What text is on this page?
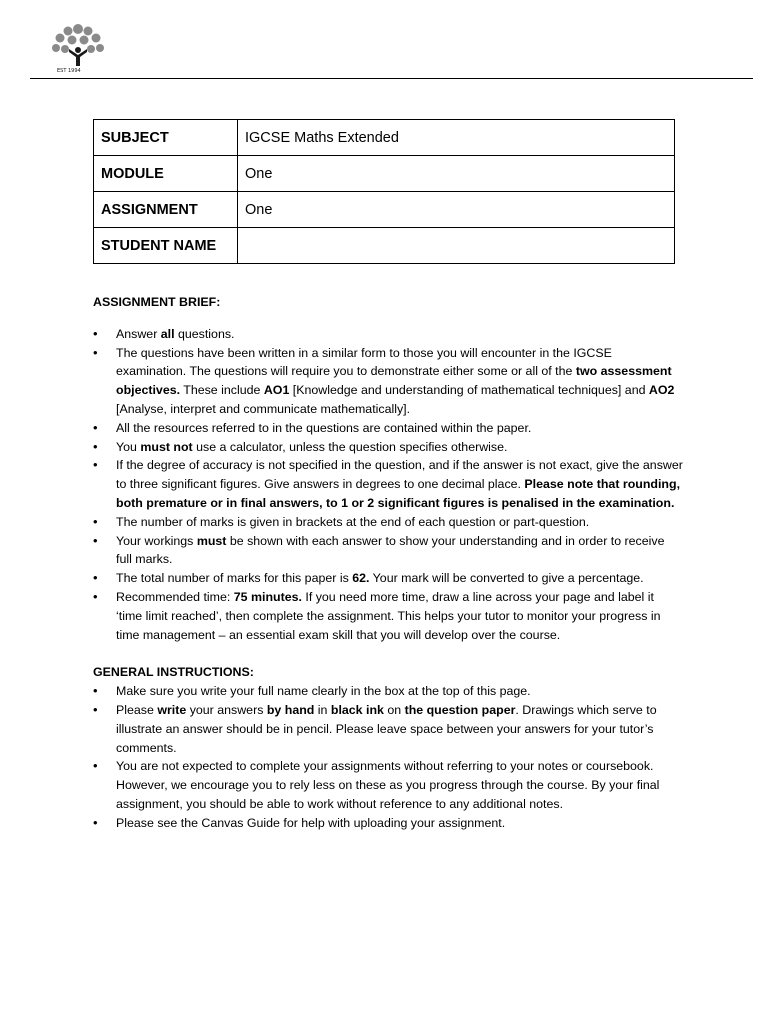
EST 1994
SUBJECT	IGCSE Maths Extended
MODULE	One
ASSIGNMENT	One
STUDENT NAME	

ASSIGNMENT BRIEF:

• Answer all questions.
• The questions have been written in a similar form to those you will encounter in the IGCSE examination. The questions will require you to demonstrate either some or all of the two assessment objectives. These include AO1 [Knowledge and understanding of mathematical techniques] and AO2 [Analyse, interpret and communicate mathematically].
• All the resources referred to in the questions are contained within the paper.
• You must not use a calculator, unless the question specifies otherwise.
• If the degree of accuracy is not specified in the question, and if the answer is not exact, give the answer to three significant figures. Give answers in degrees to one decimal place. Please note that rounding, both premature or in final answers, to 1 or 2 significant figures is penalised in the examination.
• The number of marks is given in brackets at the end of each question or part-question.
• Your workings must be shown with each answer to show your understanding and in order to receive full marks.
• The total number of marks for this paper is 62. Your mark will be converted to give a percentage.
• Recommended time: 75 minutes. If you need more time, draw a line across your page and label it ‘time limit reached’, then complete the assignment. This helps your tutor to monitor your progress in time management – an essential exam skill that you will develop over the course.

GENERAL INSTRUCTIONS:

• Make sure you write your full name clearly in the box at the top of this page.
• Please write your answers by hand in black ink on the question paper. Drawings which serve to illustrate an answer should be in pencil. Please leave space between your answers for your tutor’s comments.
• You are not expected to complete your assignments without referring to your notes or coursebook. However, we encourage you to rely less on these as you progress through the course. By your final assignment, you should be able to work without reference to any additional notes.
• Please see the Canvas Guide for help with uploading your assignment.
